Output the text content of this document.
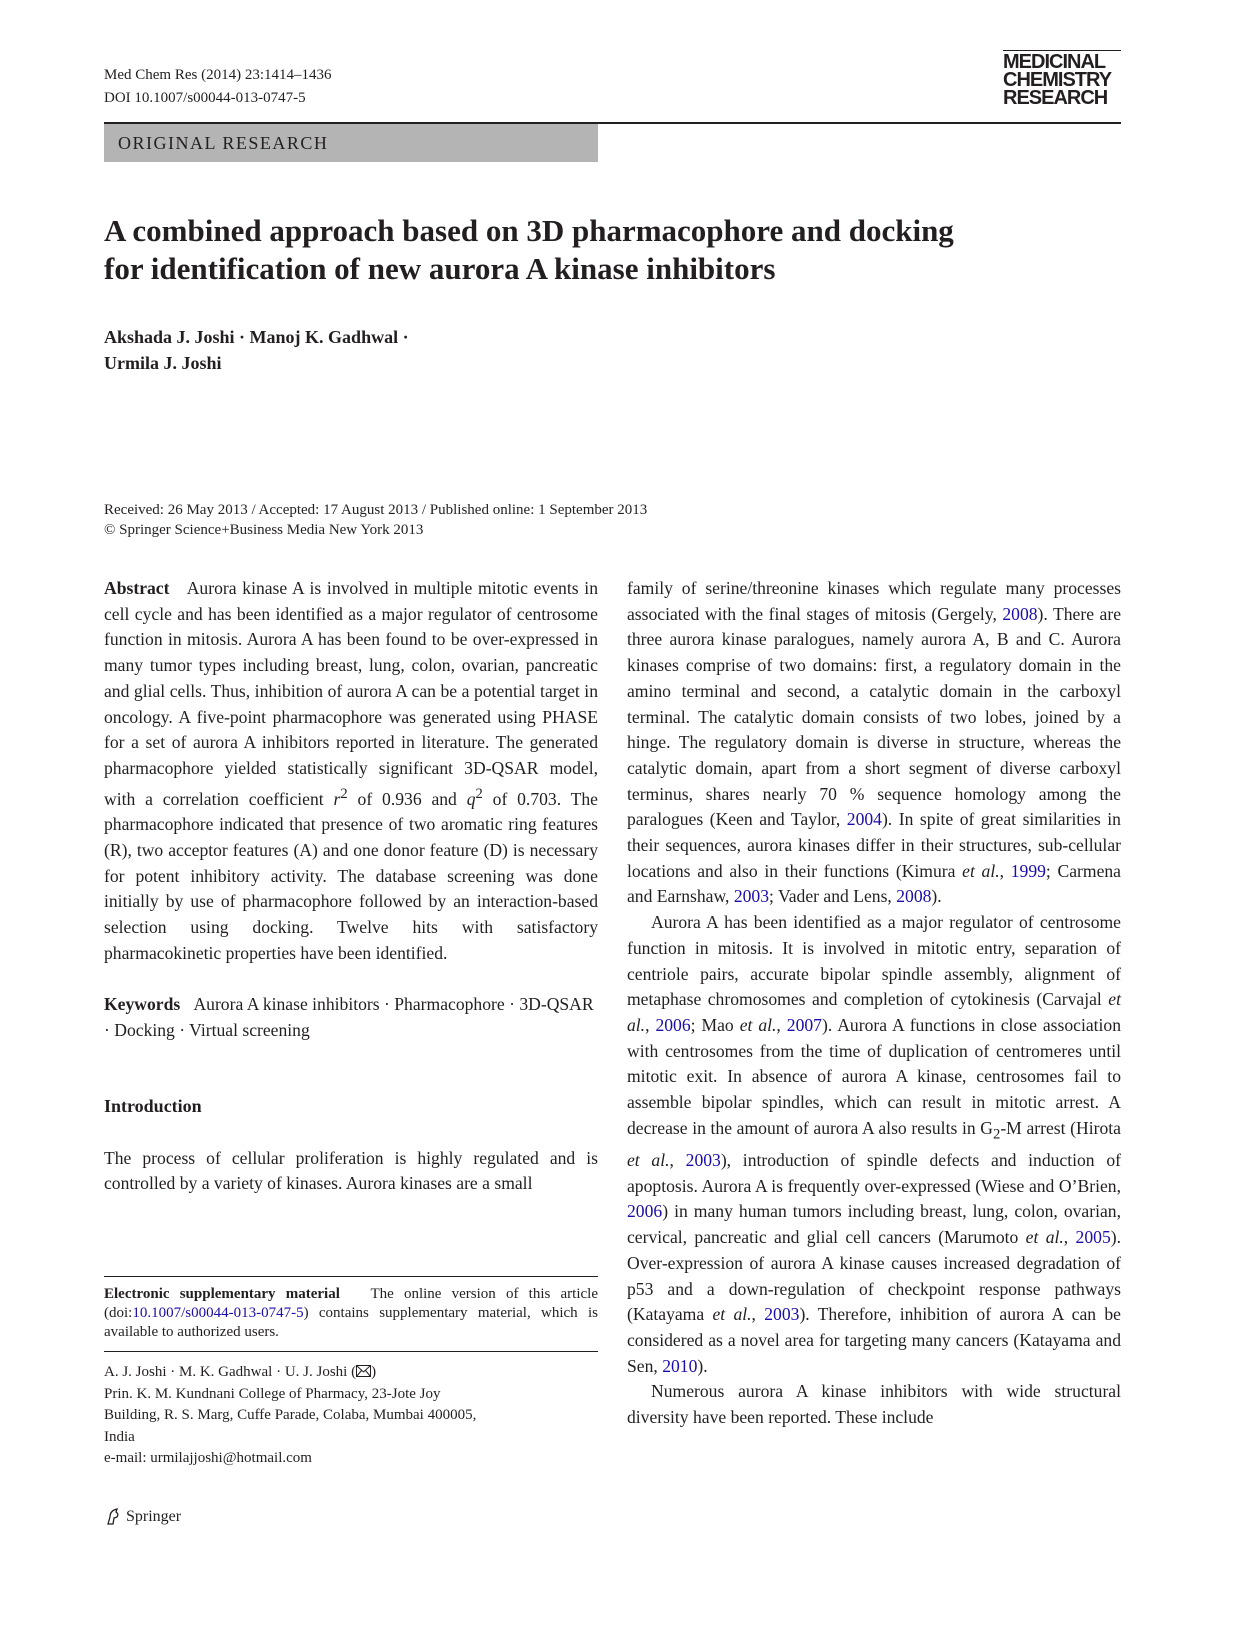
Med Chem Res (2014) 23:1414–1436
DOI 10.1007/s00044-013-0747-5
MEDICINAL
CHEMISTRY
RESEARCH
ORIGINAL RESEARCH
A combined approach based on 3D pharmacophore and docking
for identification of new aurora A kinase inhibitors
Akshada J. Joshi · Manoj K. Gadhwal ·
Urmila J. Joshi
Received: 26 May 2013 / Accepted: 17 August 2013 / Published online: 1 September 2013
© Springer Science+Business Media New York 2013

Abstract Aurora kinase A is involved in multiple mitotic events in cell cycle and has been identified as a major regulator of centrosome function in mitosis. Aurora A has been found to be over-expressed in many tumor types including breast, lung, colon, ovarian, pancreatic and glial cells. Thus, inhibition of aurora A can be a potential target in oncology. A five-point pharmacophore was generated using PHASE for a set of aurora A inhibitors reported in literature. The generated pharmacophore yielded statistically significant 3D-QSAR model, with a correlation coefficient $r^2$ of 0.936 and $q^2$ of 0.703. The pharmacophore indicated that presence of two aromatic ring features (R), two acceptor features (A) and one donor feature (D) is necessary for potent inhibitory activity. The database screening was done initially by use of pharmacophore followed by an interaction-based selection using docking. Twelve hits with satisfactory pharmacokinetic properties have been identified.

Keywords Aurora A kinase inhibitors · Pharmacophore · 3D-QSAR · Docking · Virtual screening

Introduction

The process of cellular proliferation is highly regulated and is controlled by a variety of kinases. Aurora kinases are a small

Electronic supplementary material The online version of this article (doi:10.1007/s00044-013-0747-5) contains supplementary material, which is available to authorized users.

A. J. Joshi · M. K. Gadhwal · U. J. Joshi ( )

Prin. K. M. Kundnani College of Pharmacy, 23-Jote Joy

Building, R. S. Marg, Cuffe Parade, Colaba, Mumbai 400005,

India

e-mail: urmilajjoshi@hotmail.com

family of serine/threonine kinases which regulate many processes associated with the final stages of mitosis (Gergely, 2008). There are three aurora kinase paralogues, namely aurora A, B and C. Aurora kinases comprise of two domains: first, a regulatory domain in the amino terminal and second, a catalytic domain in the carboxyl terminal. The catalytic domain consists of two lobes, joined by a hinge. The regulatory domain is diverse in structure, whereas the catalytic domain, apart from a short segment of diverse carboxyl terminus, shares nearly 70 % sequence homology among the paralogues (Keen and Taylor, 2004). In spite of great similarities in their sequences, aurora kinases differ in their structures, sub-cellular locations and also in their functions (Kimura et al., 1999; Carmena and Earnshaw, 2003; Vader and Lens, 2008).

Aurora A has been identified as a major regulator of centrosome function in mitosis. It is involved in mitotic entry, separation of centriole pairs, accurate bipolar spindle assembly, alignment of metaphase chromosomes and completion of cytokinesis (Carvajal et al., 2006; Mao et al., 2007). Aurora A functions in close association with centrosomes from the time of duplication of centromeres until mitotic exit. In absence of aurora A kinase, centrosomes fail to assemble bipolar spindles, which can result in mitotic arrest. A decrease in the amount of aurora A also results in $G_2-M$ arrest (Hirota et al., 2003), introduction of spindle defects and induction of apoptosis. Aurora A is frequently over-expressed (Wiese and O’Brien, 2006) in many human tumors including breast, lung, colon, ovarian, cervical, pancreatic and glial cell cancers (Marumoto et al., 2005). Over-expression of aurora A kinase causes increased degradation of p53 and a down-regulation of checkpoint response pathways (Katayama et al., 2003). Therefore, inhibition of aurora A can be considered as a novel area for targeting many cancers (Katayama and Sen, 2010).

Numerous aurora A kinase inhibitors with wide structural diversity have been reported. These include

Springer
